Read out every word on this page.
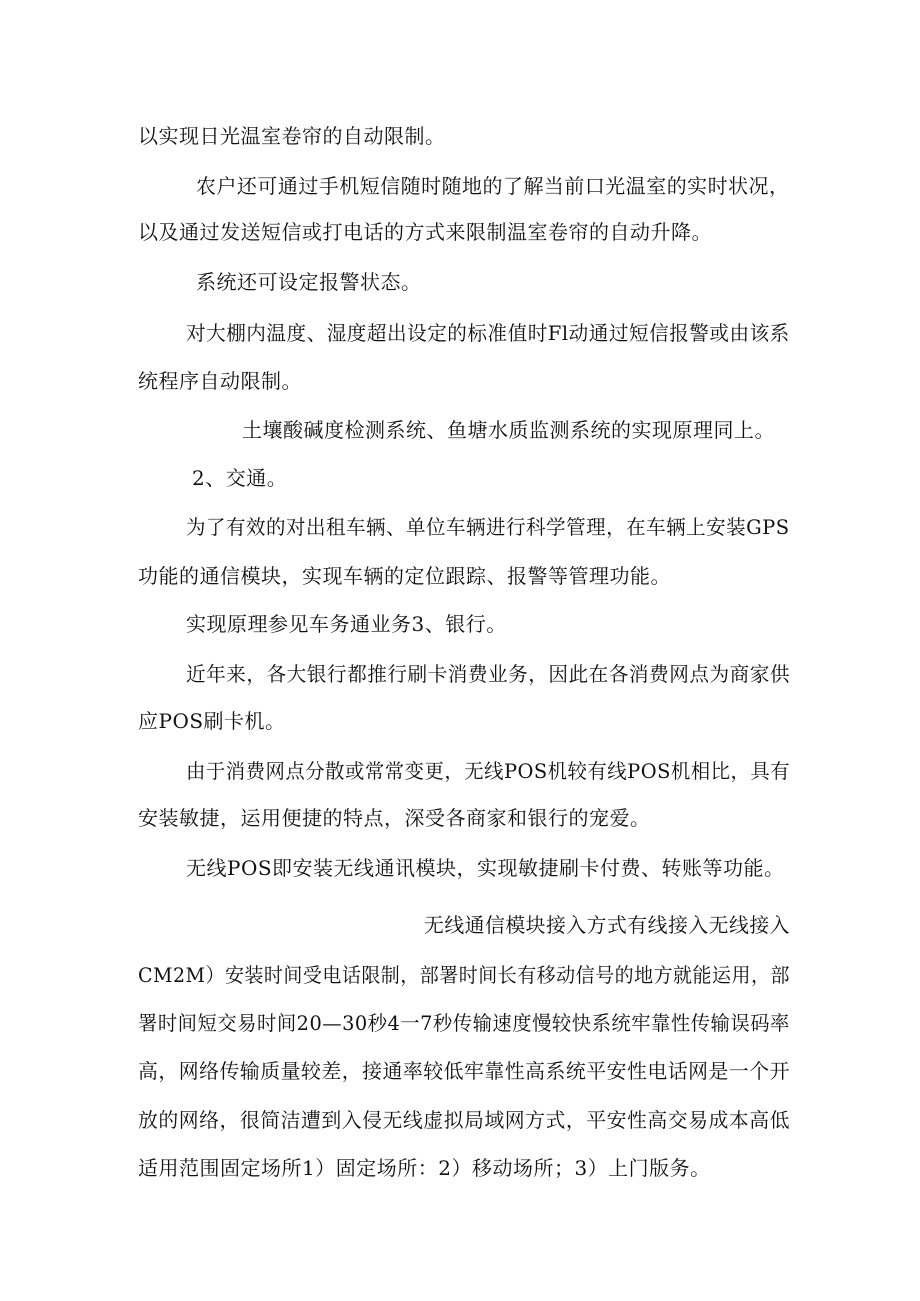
以实现日光温室卷帘的自动限制。
农户还可通过手机短信随时随地的了解当前口光温室的实时状况，
以及通过发送短信或打电话的方式来限制温室卷帘的自动升降。
系统还可设定报警状态。
对大棚内温度、湿度超出设定的标准值时Fl动通过短信报警或由该系
统程序自动限制。
土壤酸碱度检测系统、鱼塘水质监测系统的实现原理同上。
2、交通。
为了有效的对出租车辆、单位车辆进行科学管理，在车辆上安装GPS
功能的通信模块，实现车辆的定位跟踪、报警等管理功能。
实现原理参见车务通业务3、银行。
近年来，各大银行都推行刷卡消费业务，因此在各消费网点为商家供
应POS刷卡机。
由于消费网点分散或常常变更，无线POS机较有线POS机相比，具有
安装敏捷，运用便捷的特点，深受各商家和银行的宠爱。
无线POS即安装无线通讯模块，实现敏捷刷卡付费、转账等功能。
无线通信模块接入方式有线接入无线接入
CM2M）安装时间受电话限制，部署时间长有移动信号的地方就能运用，部
署时间短交易时间20—30秒4一7秒传输速度慢较快系统牢靠性传输误码率
高，网络传输质量较差，接通率较低牢靠性高系统平安性电话网是一个开
放的网络，很简洁遭到入侵无线虚拟局域网方式，平安性高交易成本高低
适用范围固定场所1）固定场所：2）移动场所；3）上门版务。
